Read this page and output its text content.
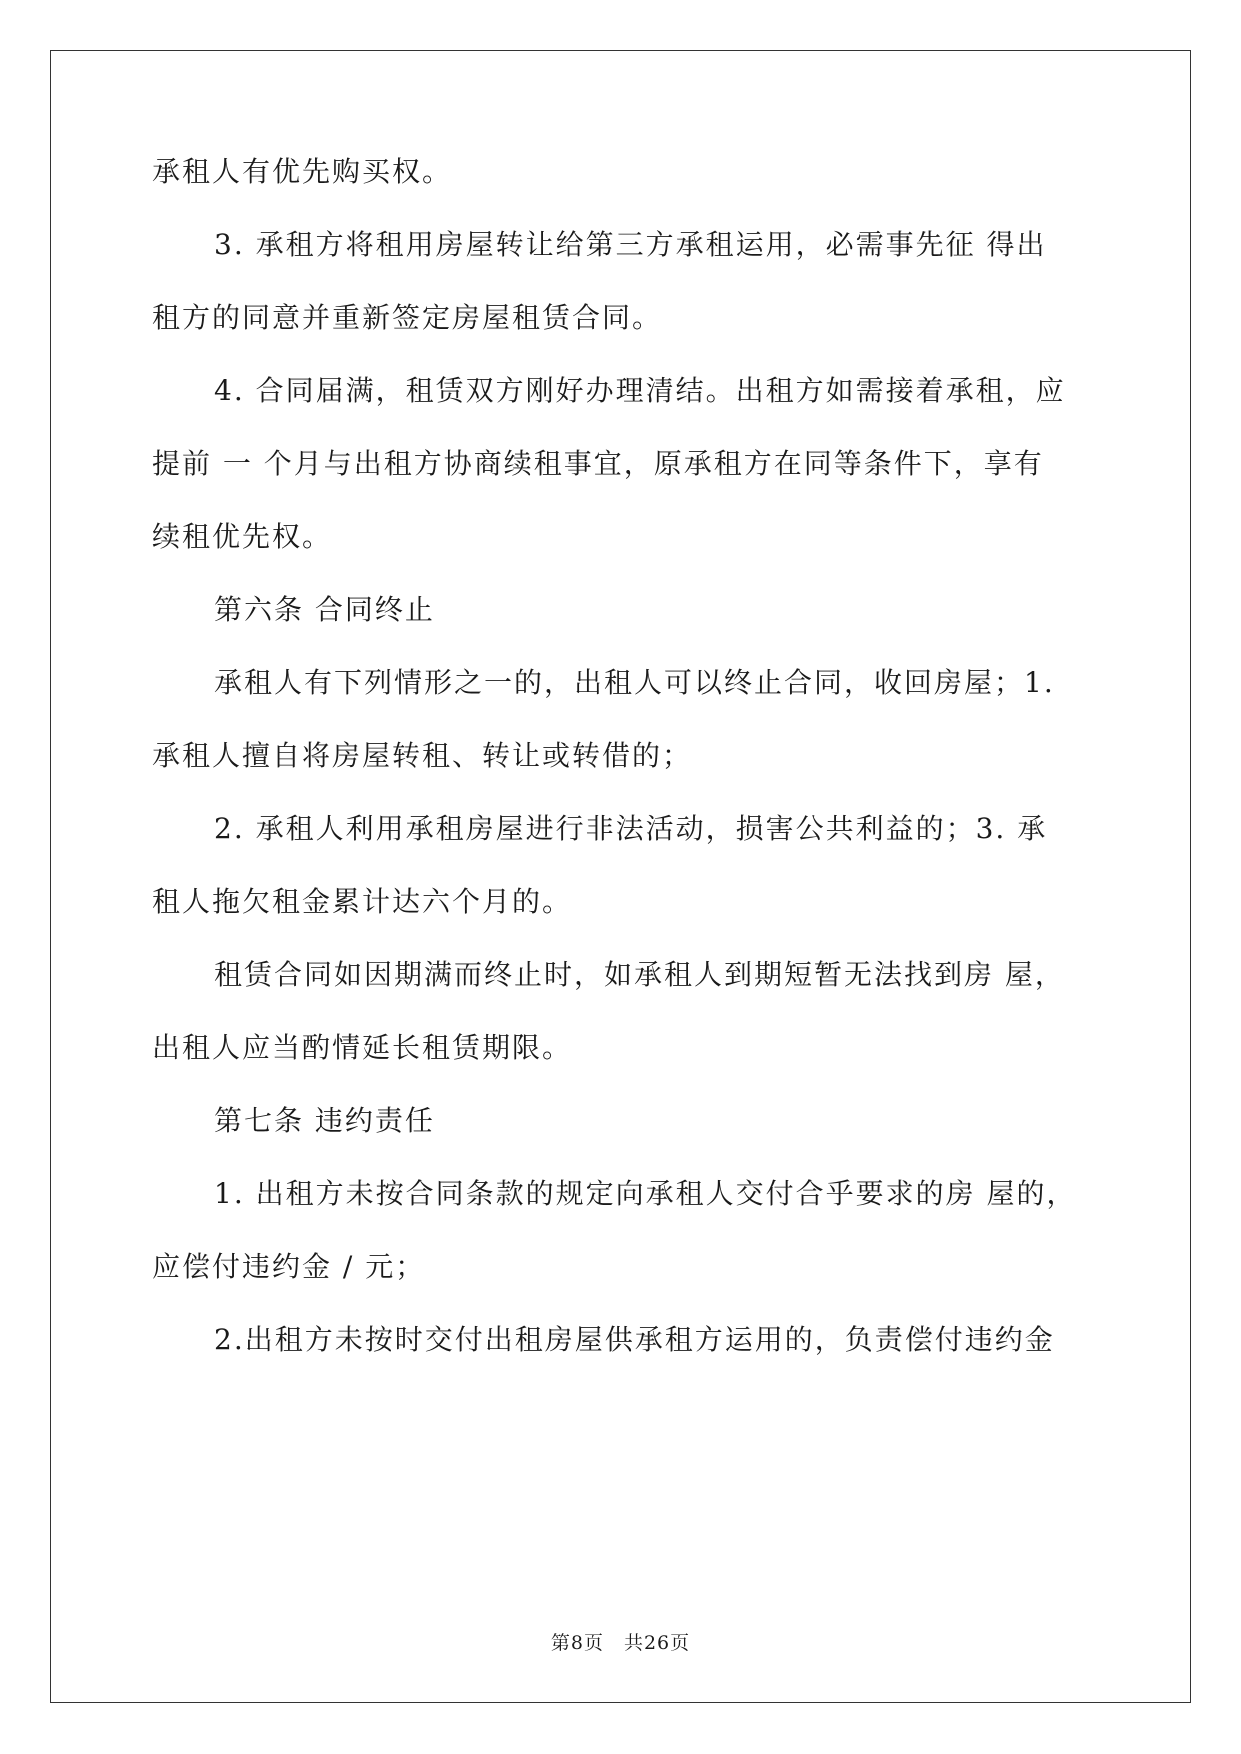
承租人有优先购买权。
3. 承租方将租用房屋转让给第三方承租运用，必需事先征 得出
租方的同意并重新签定房屋租赁合同。
4. 合同届满，租赁双方刚好办理清结。出租方如需接着承租，应
提前 一 个月与出租方协商续租事宜，原承租方在同等条件下，享有
续租优先权。
第六条 合同终止
承租人有下列情形之一的，出租人可以终止合同，收回房屋；1.
承租人擅自将房屋转租、转让或转借的；
2. 承租人利用承租房屋进行非法活动，损害公共利益的；3. 承
租人拖欠租金累计达六个月的。
租赁合同如因期满而终止时，如承租人到期短暂无法找到房 屋，
出租人应当酌情延长租赁期限。
第七条 违约责任
1. 出租方未按合同条款的规定向承租人交付合乎要求的房 屋的，
应偿付违约金 / 元；
2.出租方未按时交付出租房屋供承租方运用的，负责偿付违约金
第8页 共26页
